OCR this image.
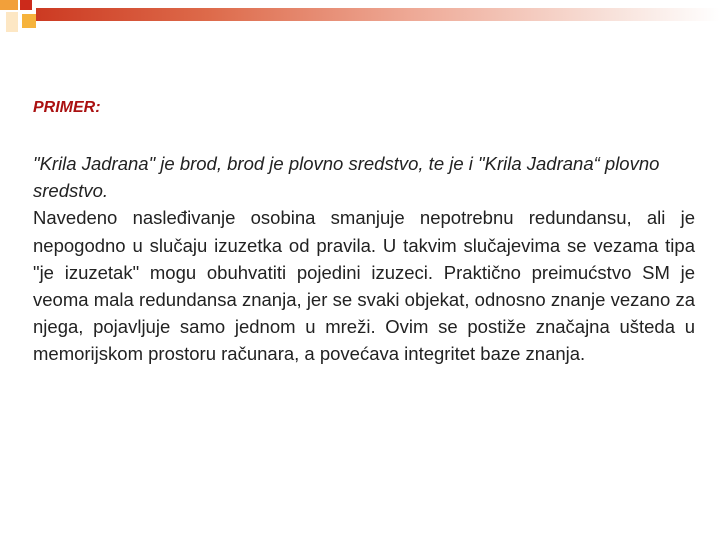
PRIMER:

"Krila Jadrana" je brod, brod je plovno sredstvo, te je i "Krila Jadrana“ plovno sredstvo.

Navedeno nasleđivanje osobina smanjuje nepotrebnu redundansu, ali je nepogodno u slučaju izuzetka od pravila. U takvim slučajevima se vezama tipa "je izuzetak" mogu obuhvatiti pojedini izuzeci. Praktično preimućstvo SM je veoma mala redundansa znanja, jer se svaki objekat, odnosno znanje vezano za njega, pojavljuje samo jednom u mreži. Ovim se postiže značajna ušteda u memorijskom prostoru računara, a povećava integritet baze znanja.
